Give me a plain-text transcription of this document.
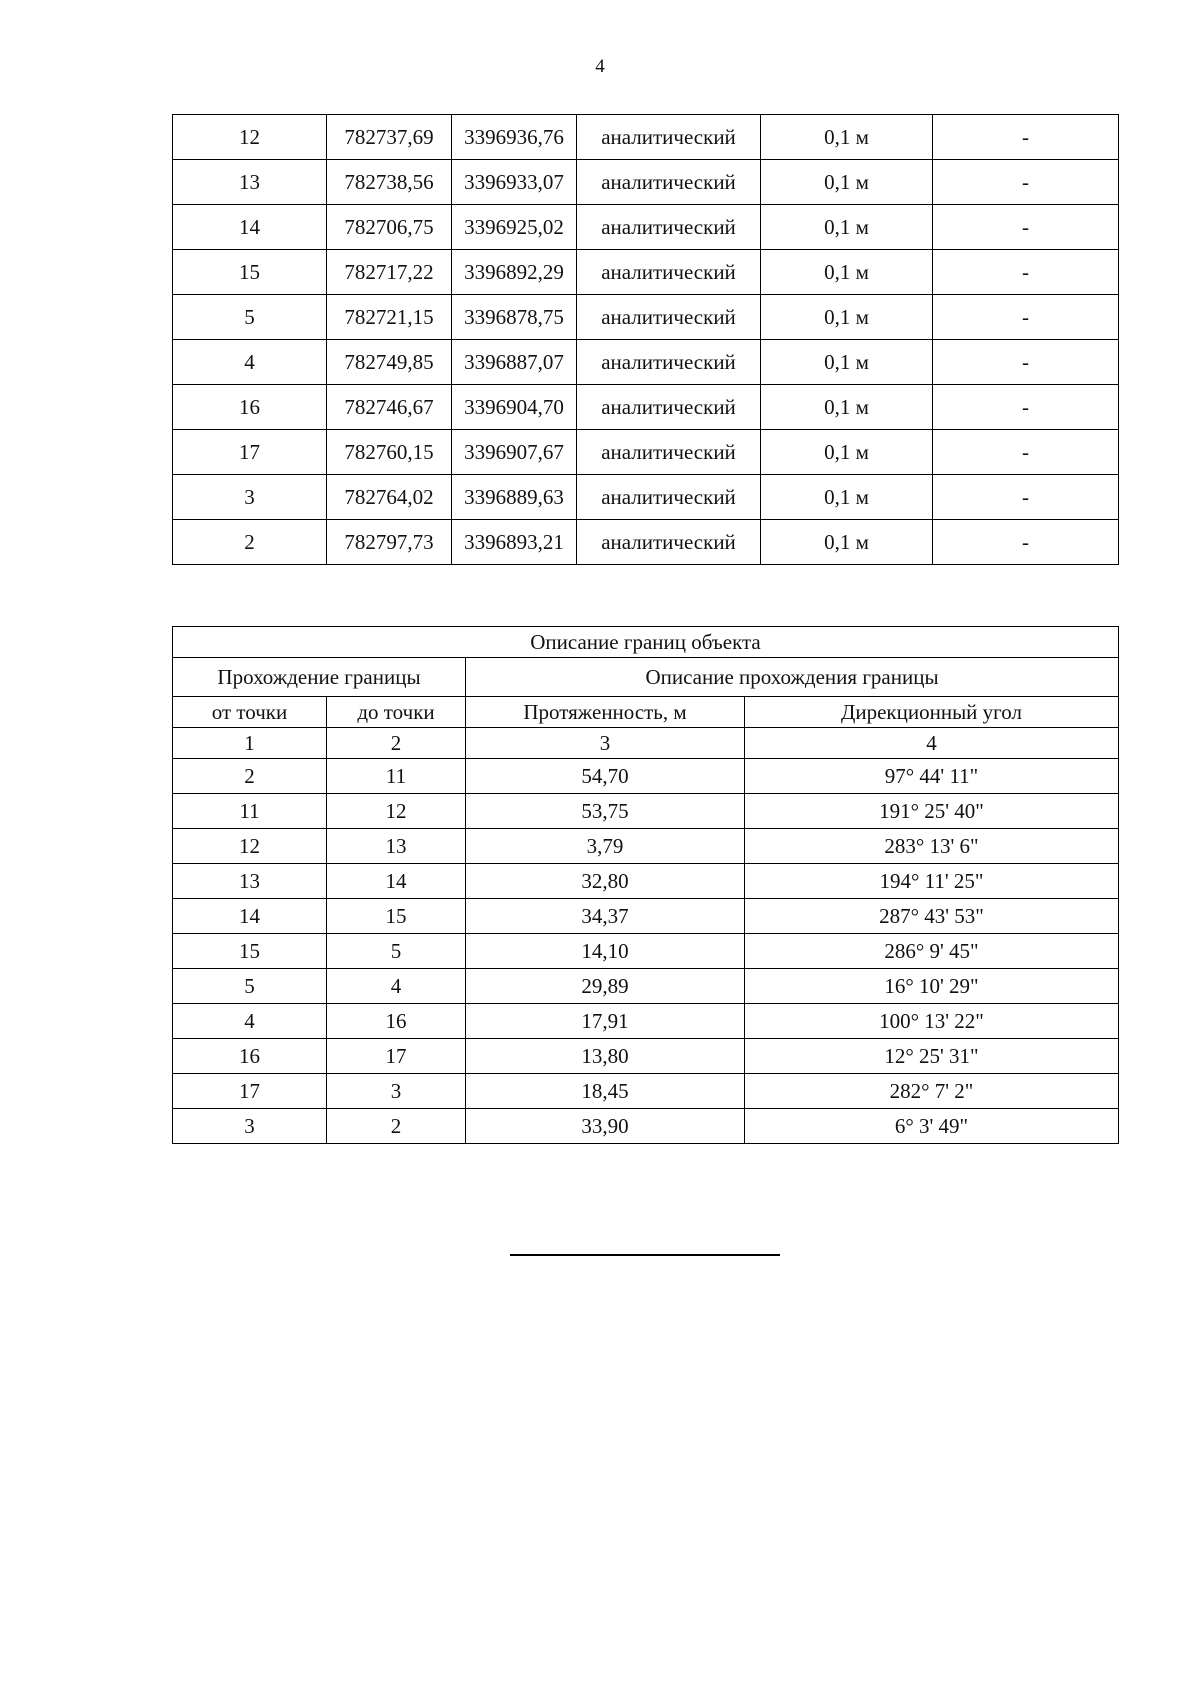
4
12	782737,69	3396936,76	аналитический	0,1 м	-
13	782738,56	3396933,07	аналитический	0,1 м	-
14	782706,75	3396925,02	аналитический	0,1 м	-
15	782717,22	3396892,29	аналитический	0,1 м	-
5	782721,15	3396878,75	аналитический	0,1 м	-
4	782749,85	3396887,07	аналитический	0,1 м	-
16	782746,67	3396904,70	аналитический	0,1 м	-
17	782760,15	3396907,67	аналитический	0,1 м	-
3	782764,02	3396889,63	аналитический	0,1 м	-
2	782797,73	3396893,21	аналитический	0,1 м	-
Описание границ объекта			
Прохождение границы		Описание прохождения границы	
от точки	до точки	Протяженность, м	Дирекционный угол
1	2	3	4
2	11	54,70	97° 44' 11"
11	12	53,75	191° 25' 40"
12	13	3,79	283° 13' 6"
13	14	32,80	194° 11' 25"
14	15	34,37	287° 43' 53"
15	5	14,10	286° 9' 45"
5	4	29,89	16° 10' 29"
4	16	17,91	100° 13' 22"
16	17	13,80	12° 25' 31"
17	3	18,45	282° 7' 2"
3	2	33,90	6° 3' 49"
